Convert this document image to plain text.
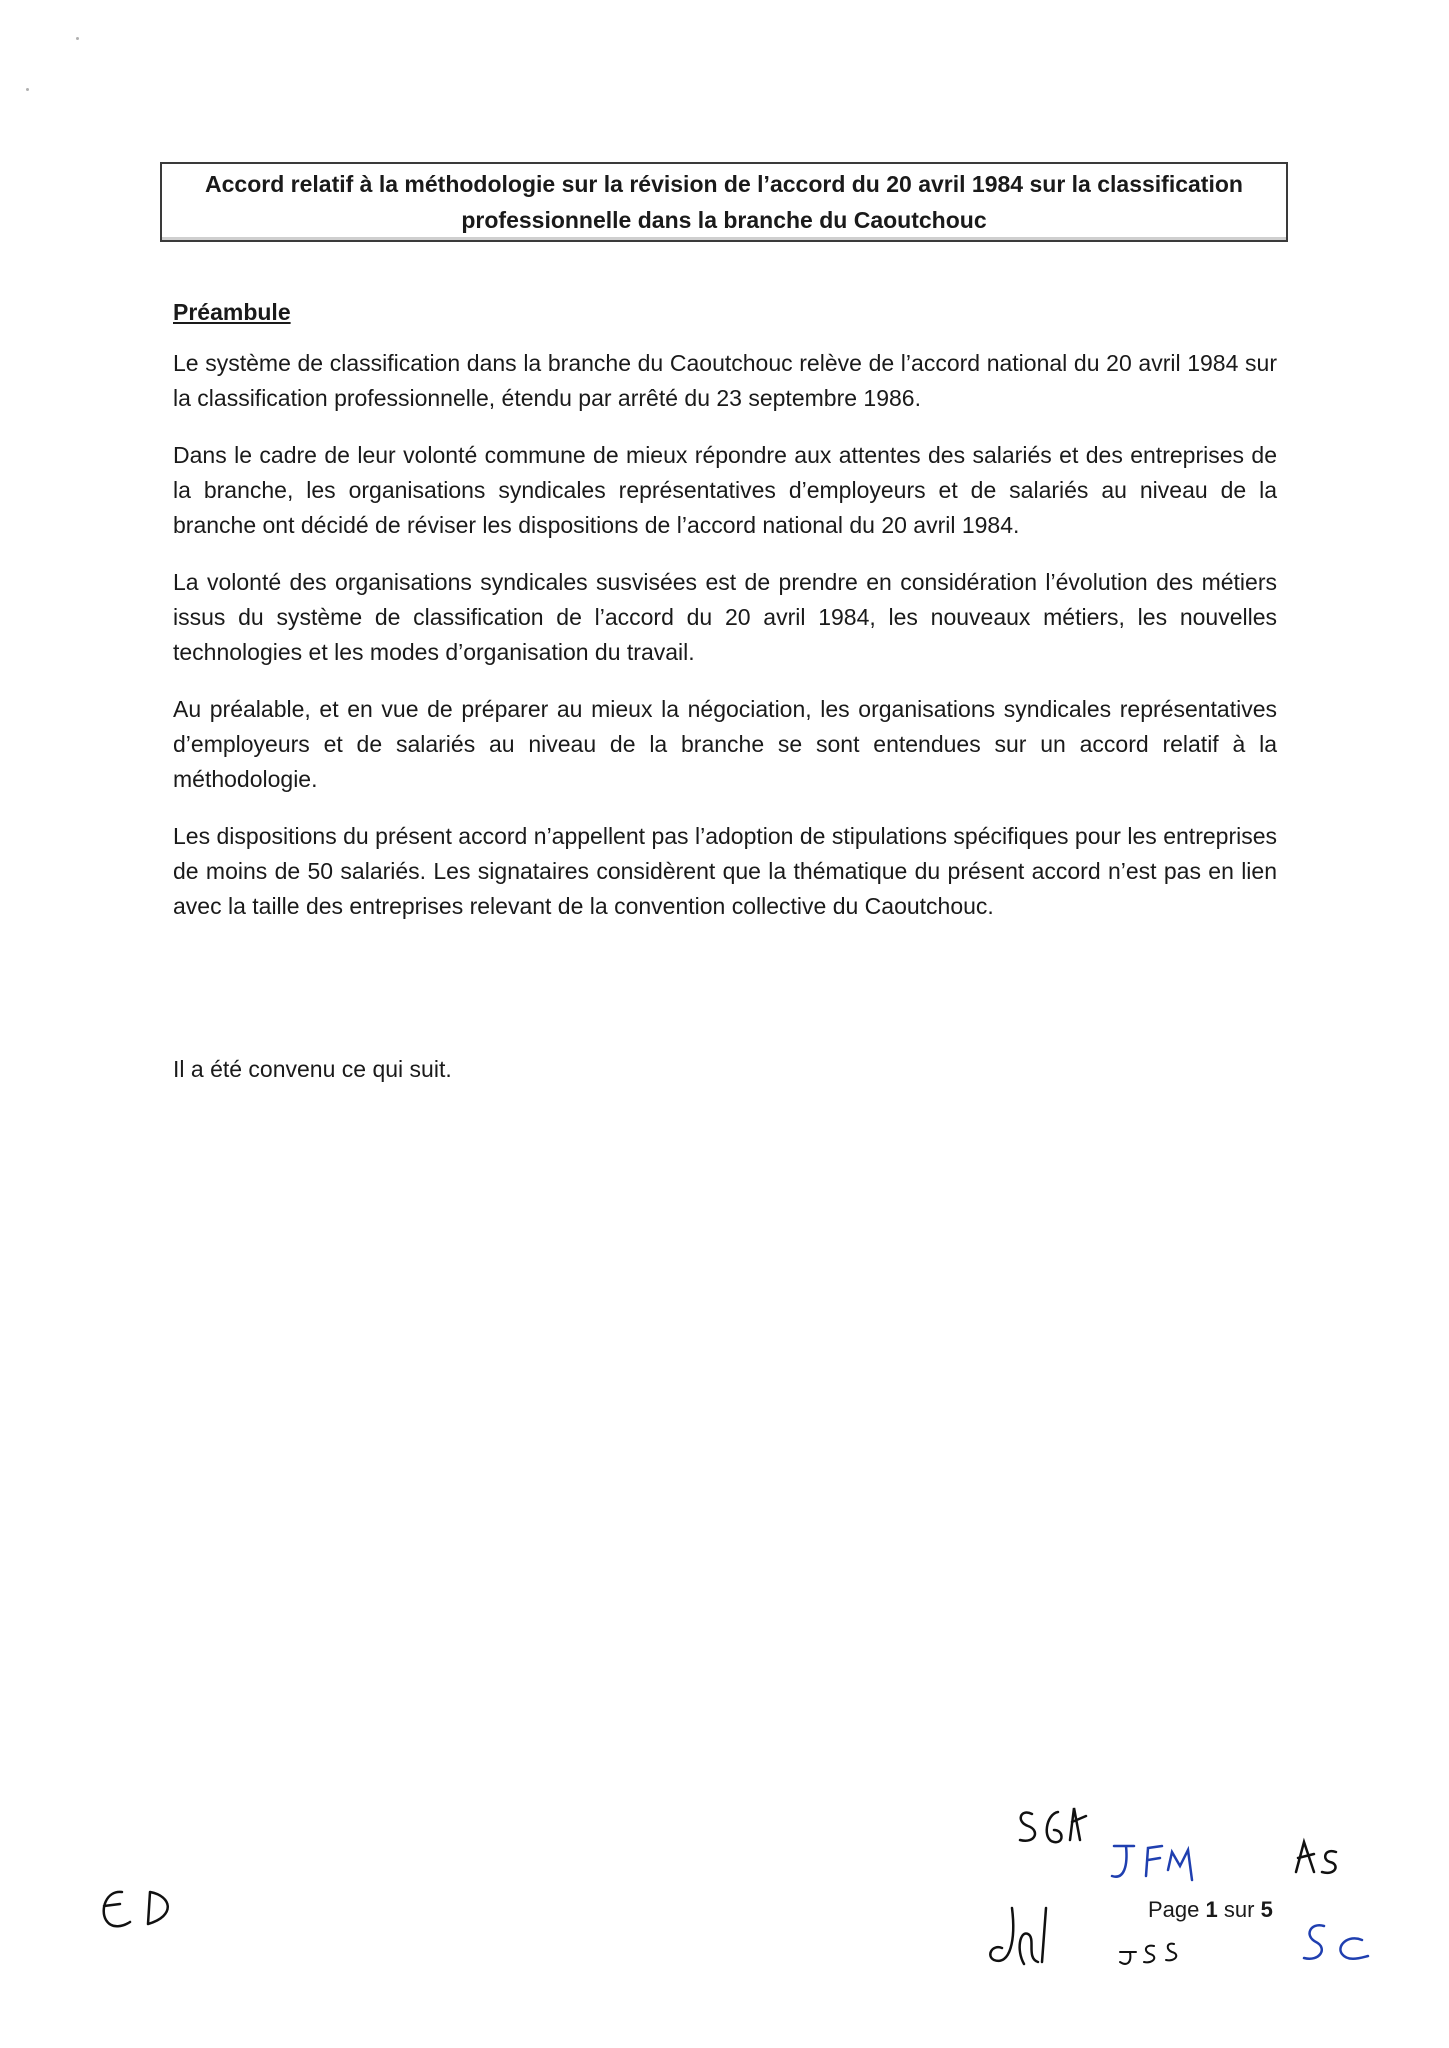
Accord relatif à la méthodologie sur la révision de l’accord du 20 avril 1984 sur la classification
professionnelle dans la branche du Caoutchouc
Préambule

Le système de classification dans la branche du Caoutchouc relève de l’accord national du 20 avril 1984 sur la classification professionnelle, étendu par arrêté du 23 septembre 1986.

Dans le cadre de leur volonté commune de mieux répondre aux attentes des salariés et des entreprises de la branche, les organisations syndicales représentatives d’employeurs et de salariés au niveau de la branche ont décidé de réviser les dispositions de l’accord national du 20 avril 1984.

La volonté des organisations syndicales susvisées est de prendre en considération l’évolution des métiers issus du système de classification de l’accord du 20 avril 1984, les nouveaux métiers, les nouvelles technologies et les modes d’organisation du travail.

Au préalable, et en vue de préparer au mieux la négociation, les organisations syndicales représentatives d’employeurs et de salariés au niveau de la branche se sont entendues sur un accord relatif à la méthodologie.

Les dispositions du présent accord n’appellent pas l’adoption de stipulations spécifiques pour les entreprises de moins de 50 salariés. Les signataires considèrent que la thématique du présent accord n’est pas en lien avec la taille des entreprises relevant de la convention collective du Caoutchouc.

Il a été convenu ce qui suit.
Page 1 sur 5
